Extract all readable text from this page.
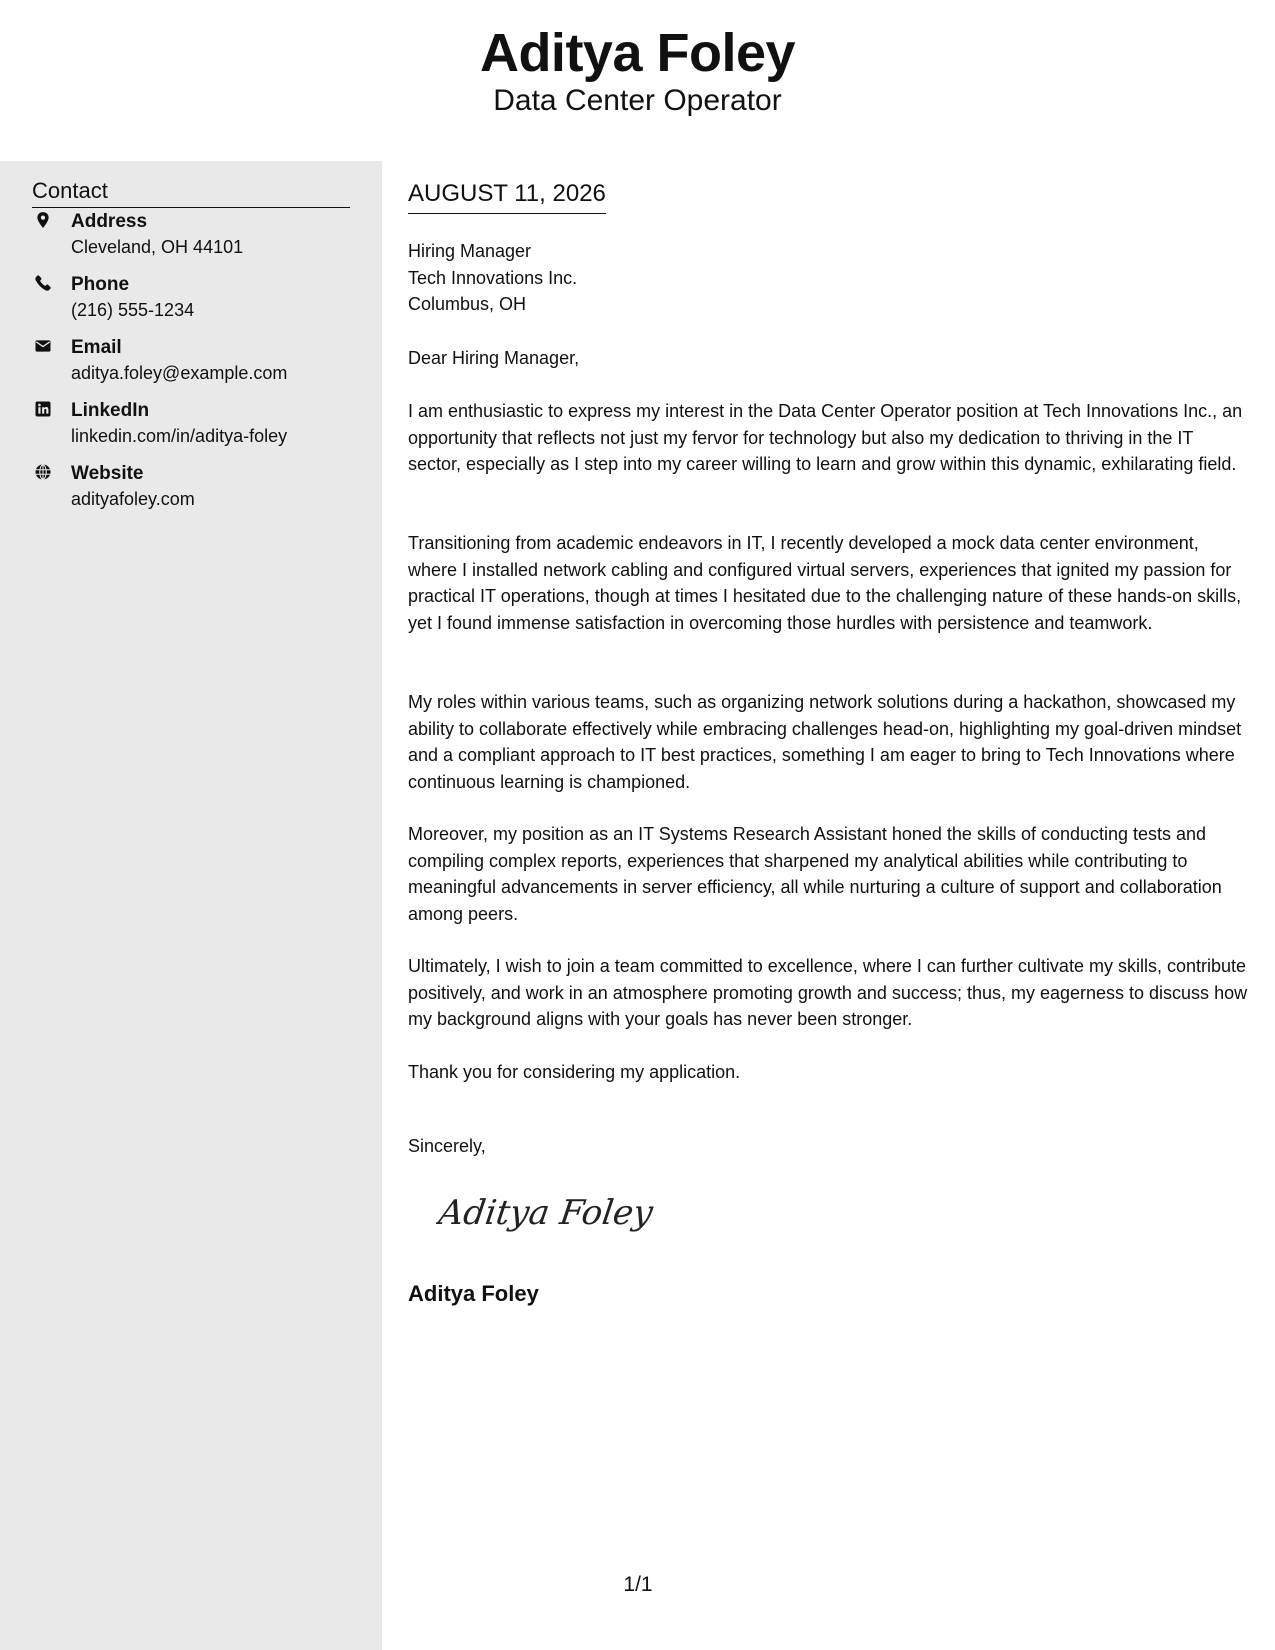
Aditya Foley
Data Center Operator
Contact
Address
Cleveland, OH 44101
Phone
(216) 555-1234
Email
aditya.foley@example.com
LinkedIn
linkedin.com/in/aditya-foley
Website
adityafoley.com
AUGUST 11, 2026
Hiring Manager
Tech Innovations Inc.
Columbus, OH
Dear Hiring Manager,

I am enthusiastic to express my interest in the Data Center Operator position at Tech Innovations Inc., an opportunity that reflects not just my fervor for technology but also my dedication to thriving in the IT sector, especially as I step into my career willing to learn and grow within this dynamic, exhilarating field.

Transitioning from academic endeavors in IT, I recently developed a mock data center environment, where I installed network cabling and configured virtual servers, experiences that ignited my passion for practical IT operations, though at times I hesitated due to the challenging nature of these hands-on skills, yet I found immense satisfaction in overcoming those hurdles with persistence and teamwork.

My roles within various teams, such as organizing network solutions during a hackathon, showcased my ability to collaborate effectively while embracing challenges head-on, highlighting my goal-driven mindset and a compliant approach to IT best practices, something I am eager to bring to Tech Innovations where continuous learning is championed.

Moreover, my position as an IT Systems Research Assistant honed the skills of conducting tests and compiling complex reports, experiences that sharpened my analytical abilities while contributing to meaningful advancements in server efficiency, all while nurturing a culture of support and collaboration among peers.

Ultimately, I wish to join a team committed to excellence, where I can further cultivate my skills, contribute positively, and work in an atmosphere promoting growth and success; thus, my eagerness to discuss how my background aligns with your goals has never been stronger.

Thank you for considering my application.

Sincerely,
Aditya Foley
Aditya Foley
1/1
